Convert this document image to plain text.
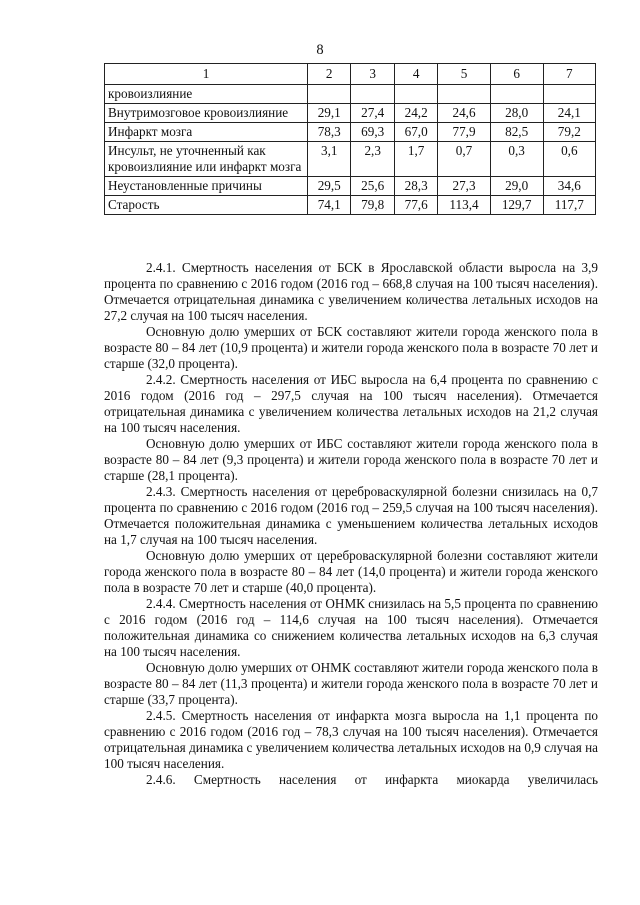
8
1	2	3	4	5	6	7
кровоизлияние						
Внутримозговое кровоизлияние	29,1	27,4	24,2	24,6	28,0	24,1
Инфаркт мозга	78,3	69,3	67,0	77,9	82,5	79,2
Инсульт, не уточненный как кровоизлияние или инфаркт мозга	3,1	2,3	1,7	0,7	0,3	0,6
Неустановленные причины	29,5	25,6	28,3	27,3	29,0	34,6
Старость	74,1	79,8	77,6	113,4	129,7	117,7

2.4.1. Смертность населения от БСК в Ярославской области выросла на 3,9 процента по сравнению с 2016 годом (2016 год – 668,8 случая на 100 тысяч населения). Отмечается отрицательная динамика с увеличением количества летальных исходов на 27,2 случая на 100 тысяч населения.

Основную долю умерших от БСК составляют жители города женского пола в возрасте 80 – 84 лет (10,9 процента) и жители города женского пола в возрасте 70 лет и старше (32,0 процента).

2.4.2. Смертность населения от ИБС выросла на 6,4 процента по сравнению с 2016 годом (2016 год – 297,5 случая на 100 тысяч населения). Отмечается отрицательная динамика с увеличением количества летальных исходов на 21,2 случая на 100 тысяч населения.

Основную долю умерших от ИБС составляют жители города женского пола в возрасте 80 – 84 лет (9,3 процента) и жители города женского пола в возрасте 70 лет и старше (28,1 процента).

2.4.3. Смертность населения от цереброваскулярной болезни снизилась на 0,7 процента по сравнению с 2016 годом (2016 год – 259,5 случая на 100 тысяч населения). Отмечается положительная динамика с уменьшением количества летальных исходов на 1,7 случая на 100 тысяч населения.

Основную долю умерших от цереброваскулярной болезни составляют жители города женского пола в возрасте 80 – 84 лет (14,0 процента) и жители города женского пола в возрасте 70 лет и старше (40,0 процента).

2.4.4. Смертность населения от ОНМК снизилась на 5,5 процента по сравнению с 2016 годом (2016 год – 114,6 случая на 100 тысяч населения). Отмечается положительная динамика со снижением количества летальных исходов на 6,3 случая на 100 тысяч населения.

Основную долю умерших от ОНМК составляют жители города женского пола в возрасте 80 – 84 лет (11,3 процента) и жители города женского пола в возрасте 70 лет и старше (33,7 процента).

2.4.5. Смертность населения от инфаркта мозга выросла на 1,1 процента по сравнению с 2016 годом (2016 год – 78,3 случая на 100 тысяч населения). Отмечается отрицательная динамика с увеличением количества летальных исходов на 0,9 случая на 100 тысяч населения.

2.4.6. Смертность населения от инфаркта миокарда увеличилась
